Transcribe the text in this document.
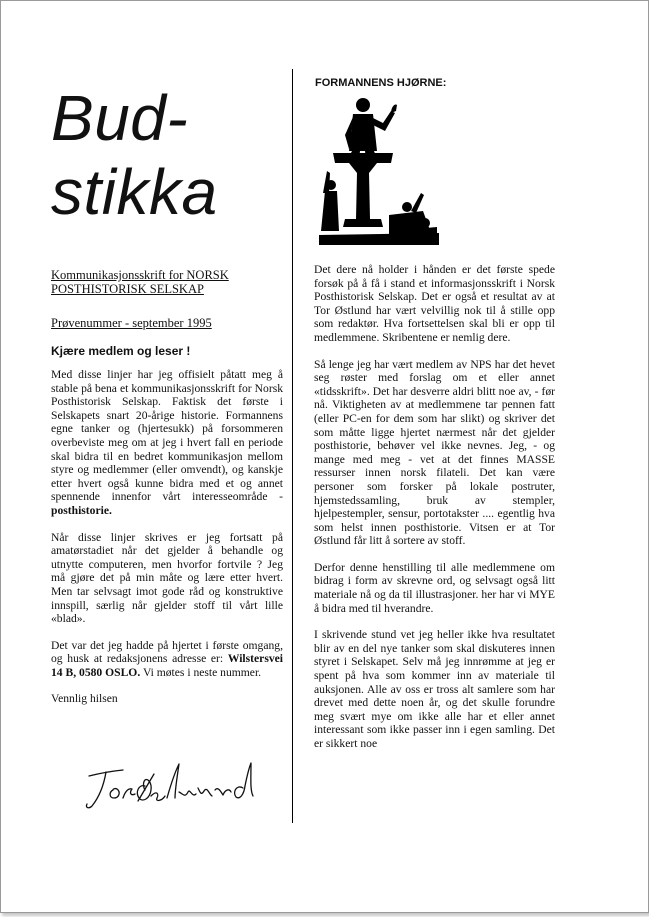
Bud-
stikka
Kommunikasjonsskrift for NORSK POSTHISTORISK SELSKAP
Prøvenummer - september 1995
Kjære medlem og leser !

Med disse linjer har jeg offisielt påtatt meg å stable på bena et kommunikasjonsskrift for Norsk Posthistorisk Selskap. Faktisk det første i Selskapets snart 20-årige historie. Formannens egne tanker og (hjertesukk) på forsommeren overbeviste meg om at jeg i hvert fall en periode skal bidra til en bedret kommunikasjon mellom styre og medlemmer (eller omvendt), og kanskje etter hvert også kunne bidra med et og annet spennende innenfor vårt interesseområde - posthistorie.

Når disse linjer skrives er jeg fortsatt på amatørstadiet når det gjelder å behandle og utnytte computeren, men hvorfor fortvile ? Jeg må gjøre det på min måte og lære etter hvert. Men tar selvsagt imot gode råd og konstruktive innspill, særlig når gjelder stoff til vårt lille «blad».

Det var det jeg hadde på hjertet i første omgang, og husk at redaksjonens adresse er: Wilstersvei 14 B, 0580 OSLO. Vi møtes i neste nummer.

Vennlig hilsen

FORMANNENS HJØRNE:

Det dere nå holder i hånden er det første spede forsøk på å få i stand et informasjonsskrift i Norsk Posthistorisk Selskap. Det er også et resultat av at Tor Østlund har vært velvillig nok til å stille opp som redaktør. Hva fortsettelsen skal bli er opp til medlemmene. Skribentene er nemlig dere.

Så lenge jeg har vært medlem av NPS har det hevet seg røster med forslag om et eller annet «tidsskrift». Det har desverre aldri blitt noe av, - før nå. Viktigheten av at medlemmene tar pennen fatt (eller PC-en for dem som har slikt) og skriver det som måtte ligge hjertet nærmest når det gjelder posthistorie, behøver vel ikke nevnes. Jeg, - og mange med meg - vet at det finnes MASSE ressurser innen norsk filateli. Det kan være personer som forsker på lokale postruter, hjemstedssamling, bruk av stempler, hjelpestempler, sensur, portotakster .... egentlig hva som helst innen posthistorie. Vitsen er at Tor Østlund får litt å sortere av stoff.

Derfor denne henstilling til alle medlemmene om bidrag i form av skrevne ord, og selvsagt også litt materiale nå og da til illustrasjoner. her har vi MYE å bidra med til hverandre.

I skrivende stund vet jeg heller ikke hva resultatet blir av en del nye tanker som skal diskuteres innen styret i Selskapet. Selv må jeg innrømme at jeg er spent på hva som kommer inn av materiale til auksjonen. Alle av oss er tross alt samlere som har drevet med dette noen år, og det skulle forundre meg svært mye om ikke alle har et eller annet interessant som ikke passer inn i egen samling. Det er sikkert noe
